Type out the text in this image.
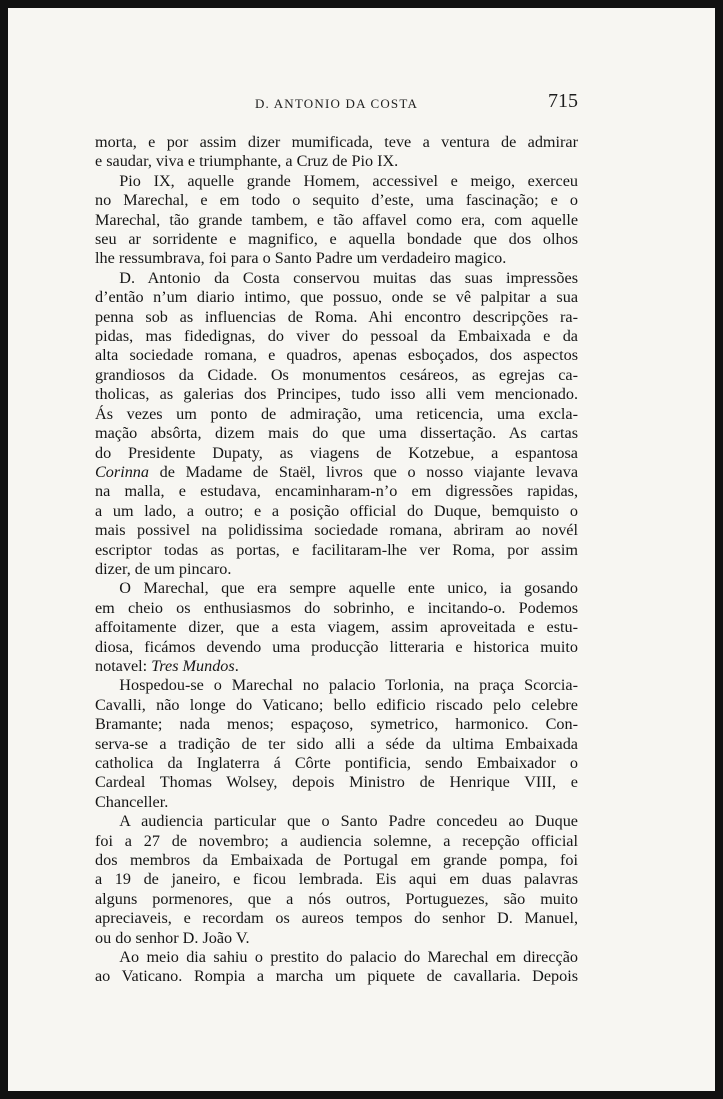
D. ANTONIO DA COSTA	715

morta, e por assim dizer mumificada, teve a ventura de admirar

e saudar, viva e triumphante, a Cruz de Pio IX.

Pio IX, aquelle grande Homem, accessivel e meigo, exerceu

no Marechal, e em todo o sequito d’este, uma fascinação; e o

Marechal, tão grande tambem, e tão affavel como era, com aquelle

seu ar sorridente e magnifico, e aquella bondade que dos olhos

lhe ressumbrava, foi para o Santo Padre um verdadeiro magico.

D. Antonio da Costa conservou muitas das suas impressões

d’então n’um diario intimo, que possuo, onde se vê palpitar a sua

penna sob as influencias de Roma. Ahi encontro descripções ra-

pidas, mas fidedignas, do viver do pessoal da Embaixada e da

alta sociedade romana, e quadros, apenas esboçados, dos aspectos

grandiosos da Cidade. Os monumentos cesáreos, as egrejas ca-

tholicas, as galerias dos Principes, tudo isso alli vem mencionado.

Ás vezes um ponto de admiração, uma reticencia, uma excla-

mação absôrta, dizem mais do que uma dissertação. As cartas

do Presidente Dupaty, as viagens de Kotzebue, a espantosa

Corinna de Madame de Staël, livros que o nosso viajante levava

na malla, e estudava, encaminharam-n’o em digressões rapidas,

a um lado, a outro; e a posição official do Duque, bemquisto o

mais possivel na polidissima sociedade romana, abriram ao novél

escriptor todas as portas, e facilitaram-lhe ver Roma, por assim

dizer, de um pincaro.

O Marechal, que era sempre aquelle ente unico, ia gosando

em cheio os enthusiasmos do sobrinho, e incitando-o. Podemos

affoitamente dizer, que a esta viagem, assim aproveitada e estu-

diosa, ficámos devendo uma producção litteraria e historica muito

notavel: Tres Mundos.

Hospedou-se o Marechal no palacio Torlonia, na praça Scorcia-

Cavalli, não longe do Vaticano; bello edificio riscado pelo celebre

Bramante; nada menos; espaçoso, symetrico, harmonico. Con-

serva-se a tradição de ter sido alli a séde da ultima Embaixada

catholica da Inglaterra á Côrte pontificia, sendo Embaixador o

Cardeal Thomas Wolsey, depois Ministro de Henrique VIII, e

Chanceller.

A audiencia particular que o Santo Padre concedeu ao Duque

foi a 27 de novembro; a audiencia solemne, a recepção official

dos membros da Embaixada de Portugal em grande pompa, foi

a 19 de janeiro, e ficou lembrada. Eis aqui em duas palavras

alguns pormenores, que a nós outros, Portuguezes, são muito

apreciaveis, e recordam os aureos tempos do senhor D. Manuel,

ou do senhor D. João V.

Ao meio dia sahiu o prestito do palacio do Marechal em direcção

ao Vaticano. Rompia a marcha um piquete de cavallaria. Depois
